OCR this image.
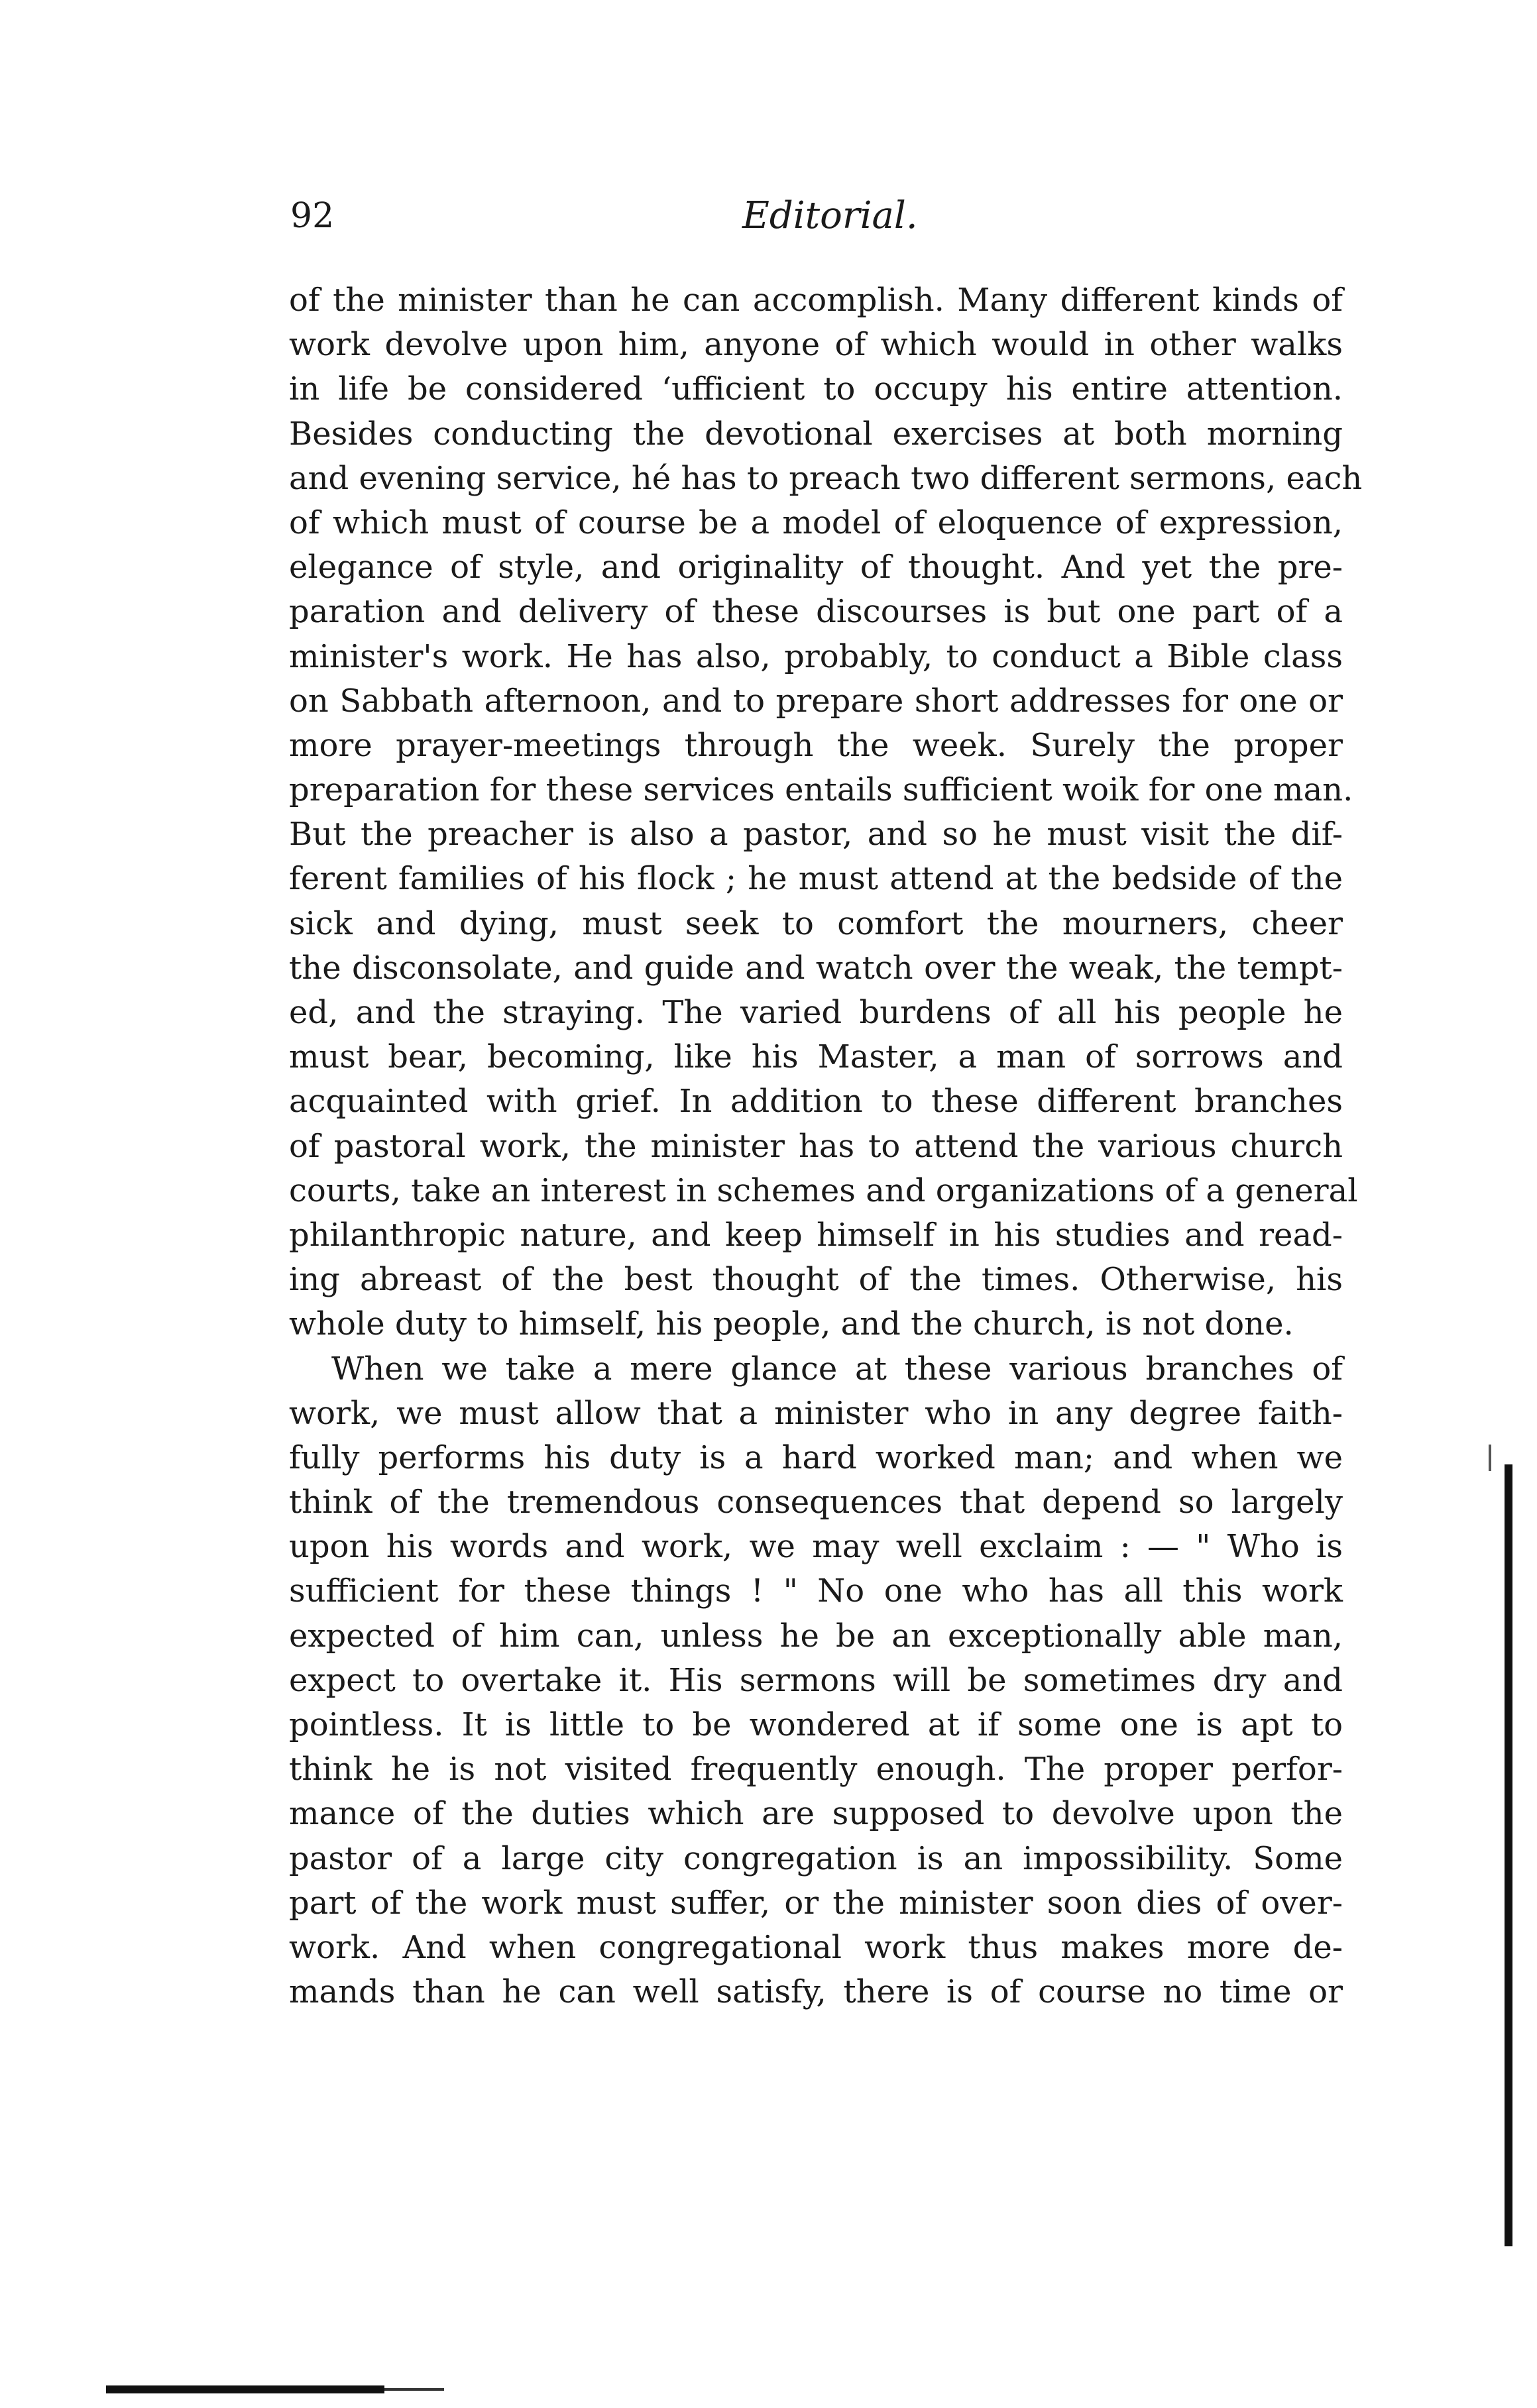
92	Editorial.
of the minister than he can accomplish. Many different kinds of
work devolve upon him, anyone of which would in other walks
in life be considered ‘ufficient to occupy his entire attention.
Besides conducting the devotional exercises at both morning
and evening service, hé has to preach two different sermons, each
of which must of course be a model of eloquence of expression,
elegance of style, and originality of thought. And yet the pre-
paration and delivery of these discourses is but one part of a
minister's work. He has also, probably, to conduct a Bible class
on Sabbath afternoon, and to prepare short addresses for one or
more prayer-meetings through the week. Surely the proper
preparation for these services entails sufficient woik for one man.
But the preacher is also a pastor, and so he must visit the dif-
ferent families of his flock ; he must attend at the bedside of the
sick and dying, must seek to comfort the mourners, cheer
the disconsolate, and guide and watch over the weak, the tempt-
ed, and the straying. The varied burdens of all his people he
must bear, becoming, like his Master, a man of sorrows and
acquainted with grief. In addition to these different branches
of pastoral work, the minister has to attend the various church
courts, take an interest in schemes and organizations of a general
philanthropic nature, and keep himself in his studies and read-
ing abreast of the best thought of the times. Otherwise, his
whole duty to himself, his people, and the church, is not done.
When we take a mere glance at these various branches of
work, we must allow that a minister who in any degree faith-
fully performs his duty is a hard worked man; and when we
think of the tremendous consequences that depend so largely
upon his words and work, we may well exclaim : — " Who is
sufficient for these things ! " No one who has all this work
expected of him can, unless he be an exceptionally able man,
expect to overtake it. His sermons will be sometimes dry and
pointless. It is little to be wondered at if some one is apt to
think he is not visited frequently enough. The proper perfor-
mance of the duties which are supposed to devolve upon the
pastor of a large city congregation is an impossibility. Some
part of the work must suffer, or the minister soon dies of over-
work. And when congregational work thus makes more de-
mands than he can well satisfy, there is of course no time or
